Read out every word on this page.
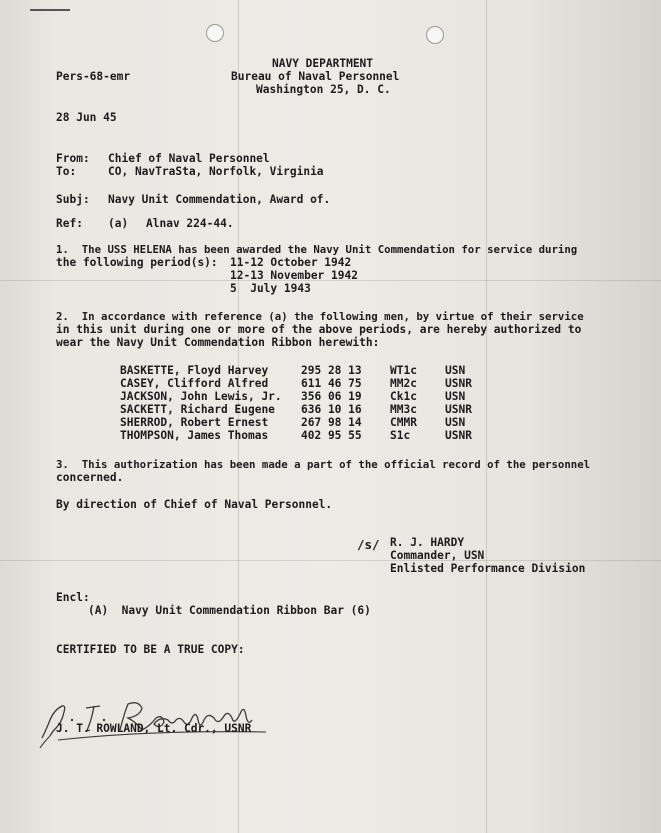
NAVY DEPARTMENT
Pers-68-emr	Bureau of Naval Personnel
Washington 25, D. C.
28 Jun 45
From: Chief of Naval Personnel
To:	CO, NavTraSta, Norfolk, Virginia
Subj: Navy Unit Commendation, Award of.
Ref: (a) Alnav 224-44.
1.  The USS HELENA has been awarded the Navy Unit Commendation for service during
the following period(s): 11-12 October 1942
12-13 November 1942
5  July 1943
2.  In accordance with reference (a) the following men, by virtue of their service
in this unit during one or more of the above periods, are hereby authorized to
wear the Navy Unit Commendation Ribbon herewith:
BASKETTE, Floyd Harvey	295 28 13	WT1c	USN
CASEY, Clifford Alfred	611 46 75	MM2c	USNR
JACKSON, John Lewis, Jr. 356 06 19	Ck1c	USN
SACKETT, Richard Eugene 636 10 16	MM3c	USNR
SHERROD, Robert Ernest	267 98 14	CMMR	USN
THOMPSON, James Thomas	402 95 55	S1c	USNR
3.  This authorization has been made a part of the official record of the personnel
concerned.
By direction of Chief of Naval Personnel.
/s/ R. J. HARDY
Commander, USN
Enlisted Performance Division
Encl:
(A)  Navy Unit Commendation Ribbon Bar (6)
CERTIFIED TO BE A TRUE COPY:
J. T. ROWLAND, Lt. Cdr., USNR
